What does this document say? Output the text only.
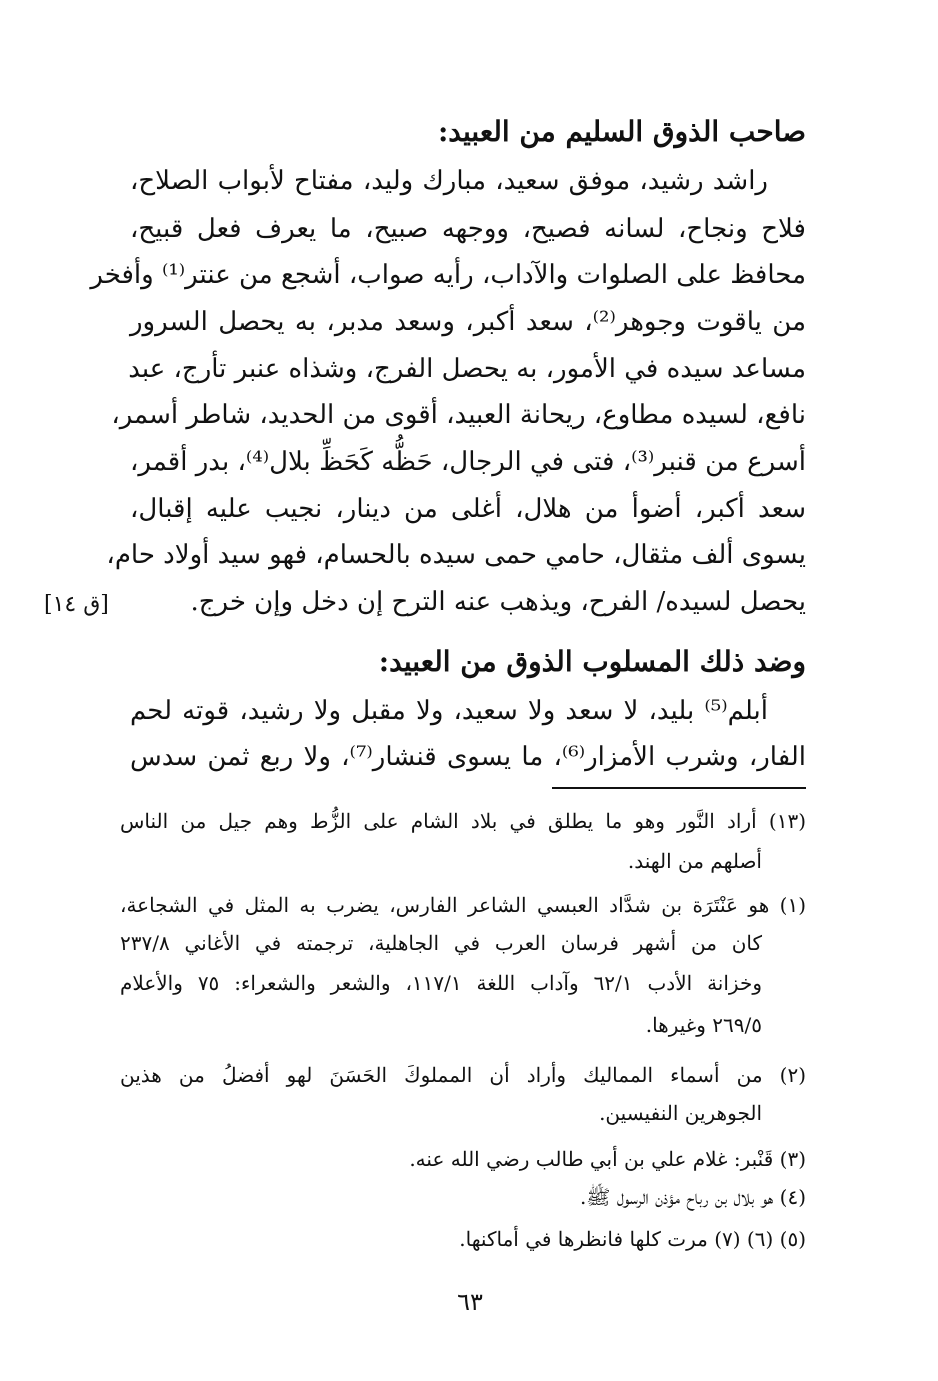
صاحب الذوق السليم من العبيد:
راشد رشيد، موفق سعيد، مبارك وليد، مفتاح لأبواب الصلاح،
فلاح ونجاح، لسانه فصيح، ووجهه صبيح، ما يعرف فعل قبيح،
محافظ على الصلوات والآداب، رأيه صواب، أشجع من عنتر⁽¹⁾ وأفخر
من ياقوت وجوهر⁽²⁾، سعد أكبر، وسعد مدبر، به يحصل السرور
مساعد سيده في الأمور، به يحصل الفرج، وشذاه عنبر تأرج، عبد
نافع، لسيده مطاوع، ريحانة العبيد، أقوى من الحديد، شاطر أسمر،
أسرع من قنبر⁽³⁾، فتى في الرجال، حَظُّه كَحَظِّ بلال⁽⁴⁾، بدر أقمر،
سعد أكبر، أضوأ من هلال، أغلى من دينار، نجيب عليه إقبال،
يسوى ألف مثقال، حامي حمى سيده بالحسام، فهو سيد أولاد حام،
يحصل لسيده/ الفرح، ويذهب عنه الترح إن دخل وإن خرج.
[ق ١٤]
وضد ذلك المسلوب الذوق من العبيد:
أبلم⁽⁵⁾ بليد، لا سعد ولا سعيد، ولا مقبل ولا رشيد، قوته لحم
الفار، وشرب الأمزار⁽⁶⁾، ما يسوى قنشار⁽⁷⁾، ولا ربع ثمن سدس
(١٣) أراد النَّور وهو ما يطلق في بلاد الشام على الزُّط وهم جيل من الناس
أصلهم من الهند.
(١) هو عَنْتَرَة بن شدَّاد العبسي الشاعر الفارس، يضرب به المثل في الشجاعة،
كان من أشهر فرسان العرب في الجاهلية، ترجمته في الأغاني ٢٣٧/٨
وخزانة الأدب ٦٢/١ وآداب اللغة ١١٧/١، والشعر والشعراء: ٧٥ والأعلام
٢٦٩/٥ وغيرها.
(٢) من أسماء المماليك وأراد أن المملوكَ الحَسَنَ لهو أفضلُ من هذين
الجوهرين النفيسين.
(٣) قَنْبر: غلام علي بن أبي طالب رضي الله عنه.
(٤) هو بلال بن رباح مؤذن الرسول ﷺ.
(٥) (٦) (٧) مرت كلها فانظرها في أماكنها.
٦٣
